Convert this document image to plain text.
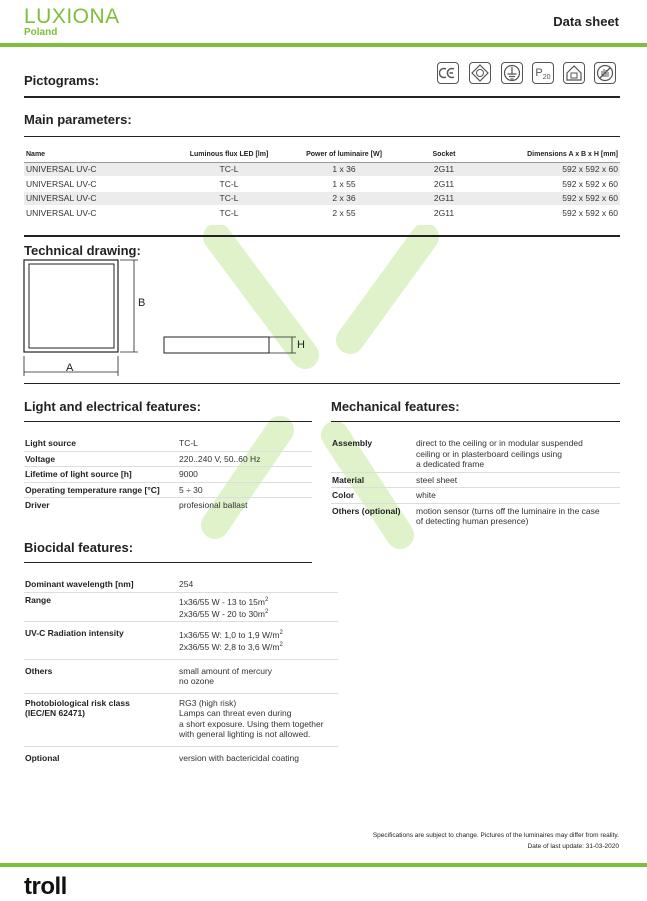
LUXIONA
Poland
Data sheet
Pictograms:	P 20
Main parameters:
Name	Luminous flux LED [lm]	Power of luminaire [W]	Socket	Dimensions A x B x H [mm]
UNIVERSAL UV-C	TC-L	1 x 36	2G11	592 x 592 x 60
UNIVERSAL UV-C	TC-L	1 x 55	2G11	592 x 592 x 60
UNIVERSAL UV-C	TC-L	2 x 36	2G11	592 x 592 x 60
UNIVERSAL UV-C	TC-L	2 x 55	2G11	592 x 592 x 60
Technical drawing:
A
B
H
Light and electrical features:
Light source	TC-L
Voltage	220..240 V, 50..60 Hz
Lifetime of light source [h]	9000
Operating temperature range [°C]	5 ÷ 30
Driver	profesional ballast
Mechanical features:
Assembly	direct to the ceiling or in modular suspended
ceiling or in plasterboard ceilings using
a dedicated frame
Material	steel sheet
Color	white
Others (optional)	motion sensor (turns off the luminaire in the case
of detecting human presence)
Biocidal features:
Dominant wavelength [nm]	254
Range	1x36/55 W - 13 to $15m^2$
2x36/55 W - 20 to $30m^2$
UV-C Radiation intensity	1x36/55 W: 1,0 to 1,9 $W/m^2$
2x36/55 W: 2,8 to 3,6 $W/m^2$
Others	small amount of mercury
no ozone
Photobiological risk class
(IEC/EN 62471)	RG3 (high risk)
Lamps can threat even during
a short exposure. Using them together
with general lighting is not allowed.
Optional	version with bactericidal coating
Specifications are subject to change. Pictures of the luminaires may differ from reality.
Date of last update: 31-03-2020
troll
